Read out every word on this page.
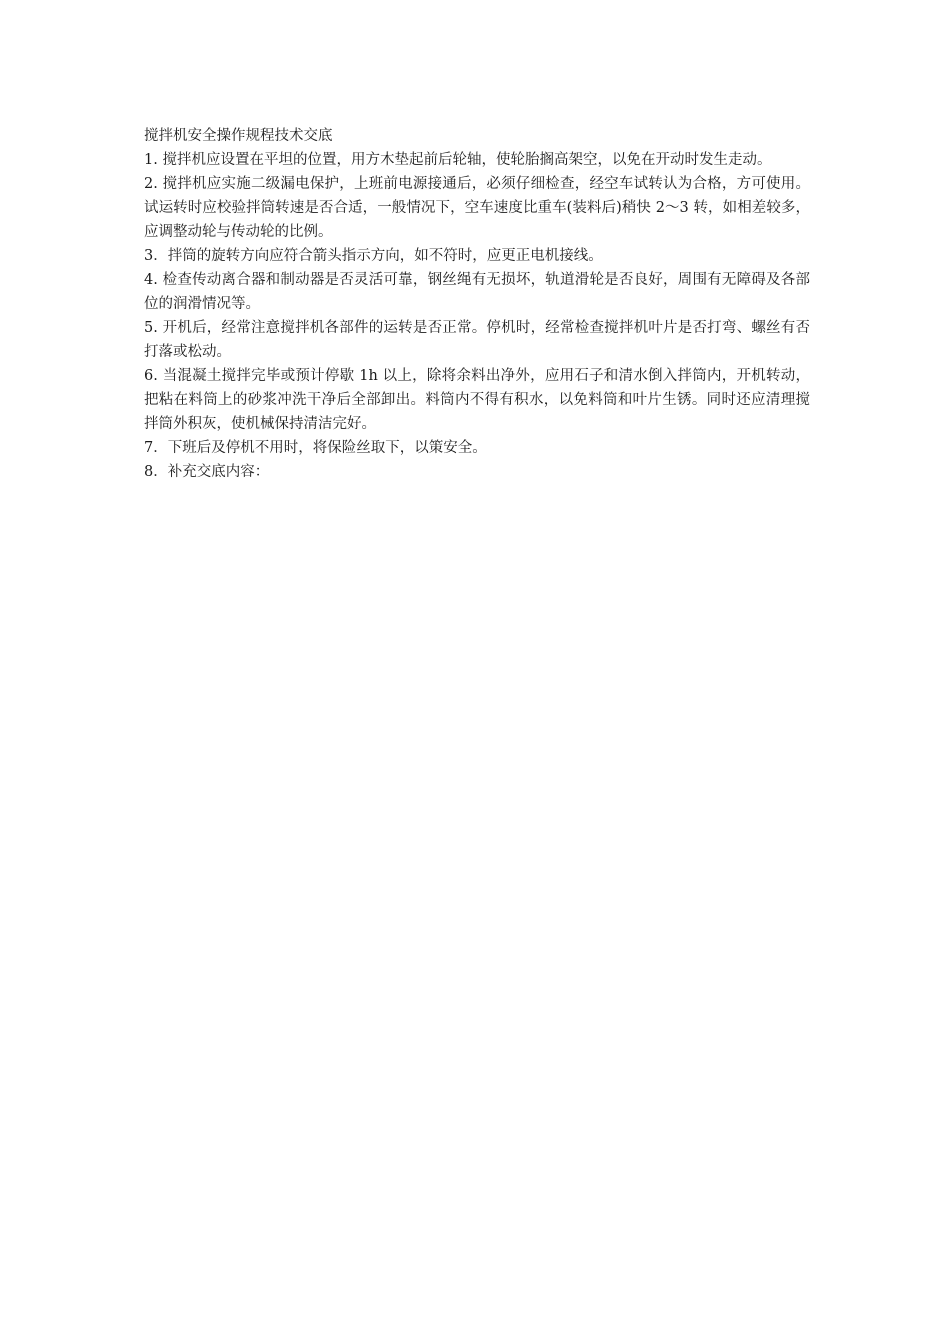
搅拌机安全操作规程技术交底

1. 搅拌机应设置在平坦的位置，用方木垫起前后轮轴，使轮胎搁高架空，以免在开动时发生走动。

2. 搅拌机应实施二级漏电保护，上班前电源接通后，必须仔细检查，经空车试转认为合格，方可使用。试运转时应校验拌筒转速是否合适，一般情况下，空车速度比重车(装料后)稍快 2～3 转，如相差较多，应调整动轮与传动轮的比例。

3．拌筒的旋转方向应符合箭头指示方向，如不符时，应更正电机接线。

4. 检查传动离合器和制动器是否灵活可靠，钢丝绳有无损坏，轨道滑轮是否良好，周围有无障碍及各部位的润滑情况等。

5. 开机后，经常注意搅拌机各部件的运转是否正常。停机时，经常检查搅拌机叶片是否打弯、螺丝有否打落或松动。

6. 当混凝土搅拌完毕或预计停歇 1h 以上，除将余料出净外，应用石子和清水倒入拌筒内，开机转动，把粘在料筒上的砂浆冲洗干净后全部卸出。料筒内不得有积水，以免料筒和叶片生锈。同时还应清理搅拌筒外积灰，使机械保持清洁完好。

7．下班后及停机不用时，将保险丝取下，以策安全。

8．补充交底内容：
